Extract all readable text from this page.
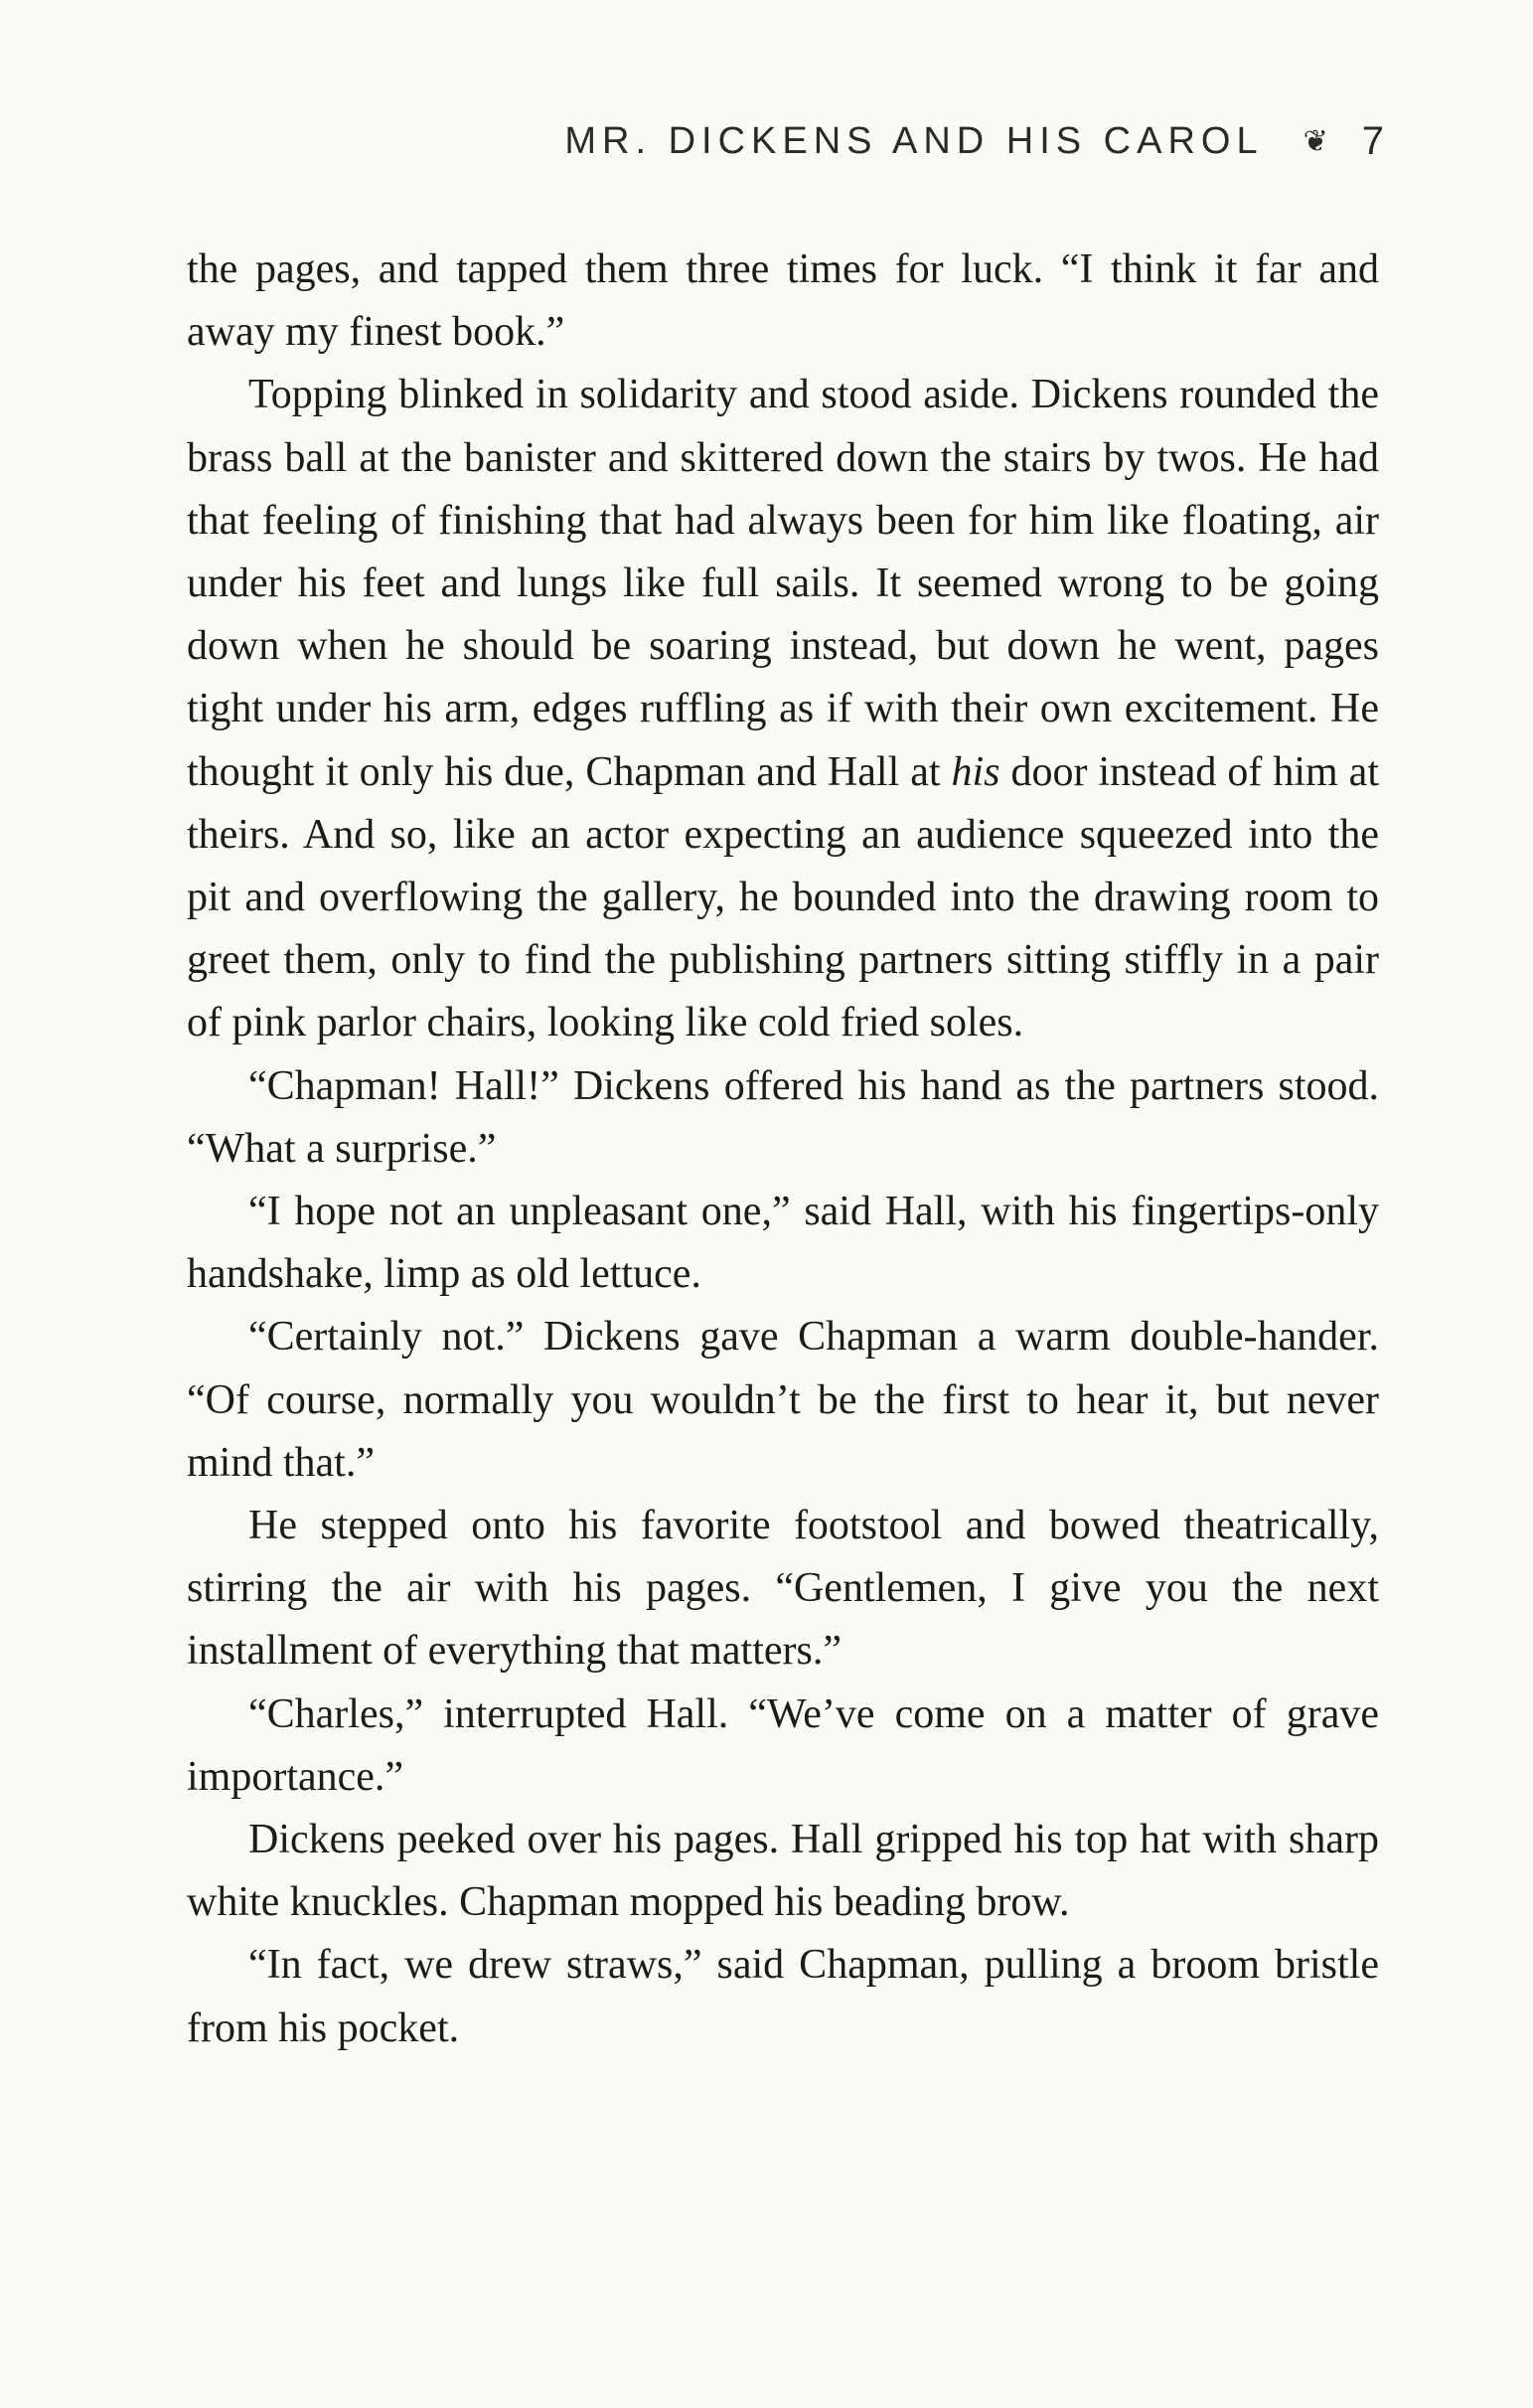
MR. DICKENS AND HIS CAROL ❦ 7

the pages, and tapped them three times for luck. “I think it far and away my finest book.”

Topping blinked in solidarity and stood aside. Dickens rounded the brass ball at the banister and skittered down the stairs by twos. He had that feeling of finishing that had always been for him like floating, air under his feet and lungs like full sails. It seemed wrong to be going down when he should be soaring instead, but down he went, pages tight under his arm, edges ruffling as if with their own excitement. He thought it only his due, Chapman and Hall at his door instead of him at theirs. And so, like an actor expecting an audience squeezed into the pit and overflowing the gallery, he bounded into the drawing room to greet them, only to find the publishing partners sitting stiffly in a pair of pink parlor chairs, looking like cold fried soles.

“Chapman! Hall!” Dickens offered his hand as the partners stood. “What a surprise.”

“I hope not an unpleasant one,” said Hall, with his fingertips-only handshake, limp as old lettuce.

“Certainly not.” Dickens gave Chapman a warm double-hander. “Of course, normally you wouldn’t be the first to hear it, but never mind that.”

He stepped onto his favorite footstool and bowed theatrically, stirring the air with his pages. “Gentlemen, I give you the next installment of everything that matters.”

“Charles,” interrupted Hall. “We’ve come on a matter of grave importance.”

Dickens peeked over his pages. Hall gripped his top hat with sharp white knuckles. Chapman mopped his beading brow.

“In fact, we drew straws,” said Chapman, pulling a broom bristle from his pocket.
